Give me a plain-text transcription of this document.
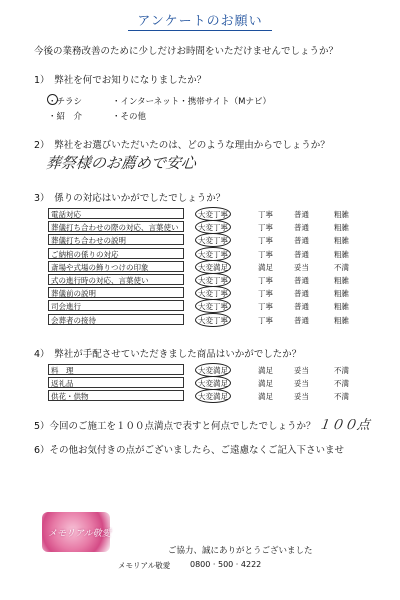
アンケートのお願い
今後の業務改善のために少しだけお時間をいただけませんでしょうか？
1）　弊社を何でお知りになりましたか？
・チラシ	・インターネット・携帯サイト（Mナビ）
・紹　介	・その他
2）　弊社をお選びいただいたのは、どのような理由からでしょうか？
葬祭様のお薦めで安心
3）　係りの対応はいかがでしたでしょうか？
電話対応	大変丁寧	丁寧	普通	粗雑
葬儀打ち合わせの際の対応、言葉使い	大変丁寧	丁寧	普通	粗雑
葬儀打ち合わせの説明	大変丁寧	丁寧	普通	粗雑
ご納棺の係りの対応	大変丁寧	丁寧	普通	粗雑
斎場や式場の飾りつけの印象	大変満足	満足	妥当	不満
式の進行時の対応、言葉使い	大変丁寧	丁寧	普通	粗雑
葬儀前の説明	大変丁寧	丁寧	普通	粗雑
司会進行	大変丁寧	丁寧	普通	粗雑
会葬者の接待	大変丁寧	丁寧	普通	粗雑
4）　弊社が手配させていただきました商品はいかがでしたか？
料　理	大変満足	満足	妥当	不満
返礼品	大変満足	満足	妥当	不満
供花・供物	大変満足	満足	妥当	不満
5）今回のご施工を１００点満点で表すと何点でしたでしょうか？ １００点
6）その他お気付きの点がございましたら、ご遠慮なくご記入下さいませ
メモリアル敬愛
ご協力、誠にありがとうございました
メモリアル敬愛 0800 · 500 · 4222
